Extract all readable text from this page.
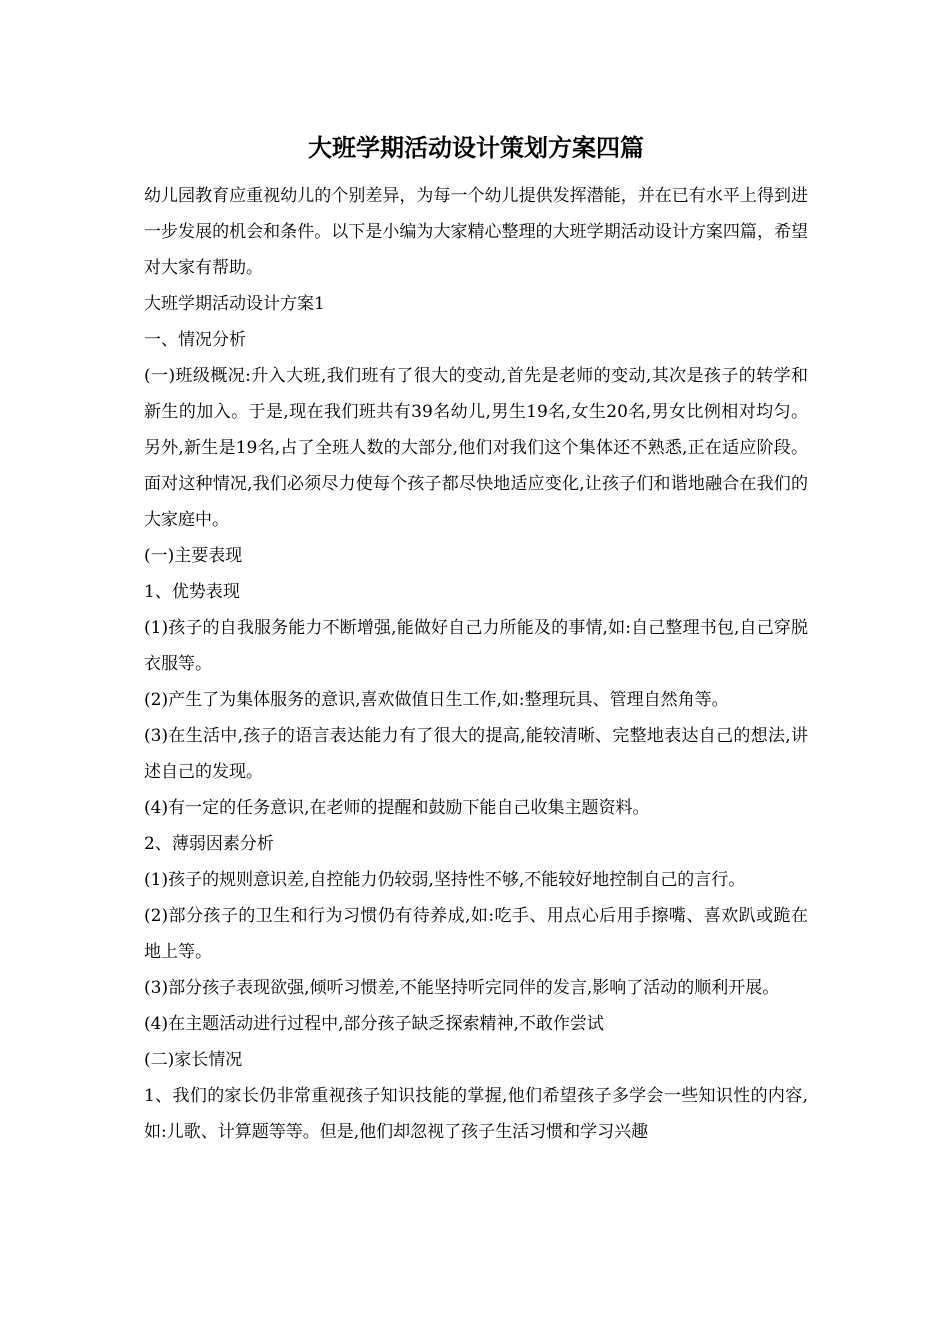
大班学期活动设计策划方案四篇

幼儿园教育应重视幼儿的个别差异，为每一个幼儿提供发挥潜能，并在已有水平上得到进一步发展的机会和条件。以下是小编为大家精心整理的大班学期活动设计方案四篇，希望对大家有帮助。

大班学期活动设计方案1

一、情况分析

(一)班级概况:升入大班,我们班有了很大的变动,首先是老师的变动,其次是孩子的转学和新生的加入。于是,现在我们班共有39名幼儿,男生19名,女生20名,男女比例相对均匀。另外,新生是19名,占了全班人数的大部分,他们对我们这个集体还不熟悉,正在适应阶段。面对这种情况,我们必须尽力使每个孩子都尽快地适应变化,让孩子们和谐地融合在我们的大家庭中。

(一)主要表现

1、优势表现

(1)孩子的自我服务能力不断增强,能做好自己力所能及的事情,如:自己整理书包,自己穿脱衣服等。

(2)产生了为集体服务的意识,喜欢做值日生工作,如:整理玩具、管理自然角等。

(3)在生活中,孩子的语言表达能力有了很大的提高,能较清晰、完整地表达自己的想法,讲述自己的发现。

(4)有一定的任务意识,在老师的提醒和鼓励下能自己收集主题资料。

2、薄弱因素分析

(1)孩子的规则意识差,自控能力仍较弱,坚持性不够,不能较好地控制自己的言行。

(2)部分孩子的卫生和行为习惯仍有待养成,如:吃手、用点心后用手擦嘴、喜欢趴或跪在地上等。

(3)部分孩子表现欲强,倾听习惯差,不能坚持听完同伴的发言,影响了活动的顺利开展。

(4)在主题活动进行过程中,部分孩子缺乏探索精神,不敢作尝试

(二)家长情况

1、我们的家长仍非常重视孩子知识技能的掌握,他们希望孩子多学会一些知识性的内容,如:儿歌、计算题等等。但是,他们却忽视了孩子生活习惯和学习兴趣
